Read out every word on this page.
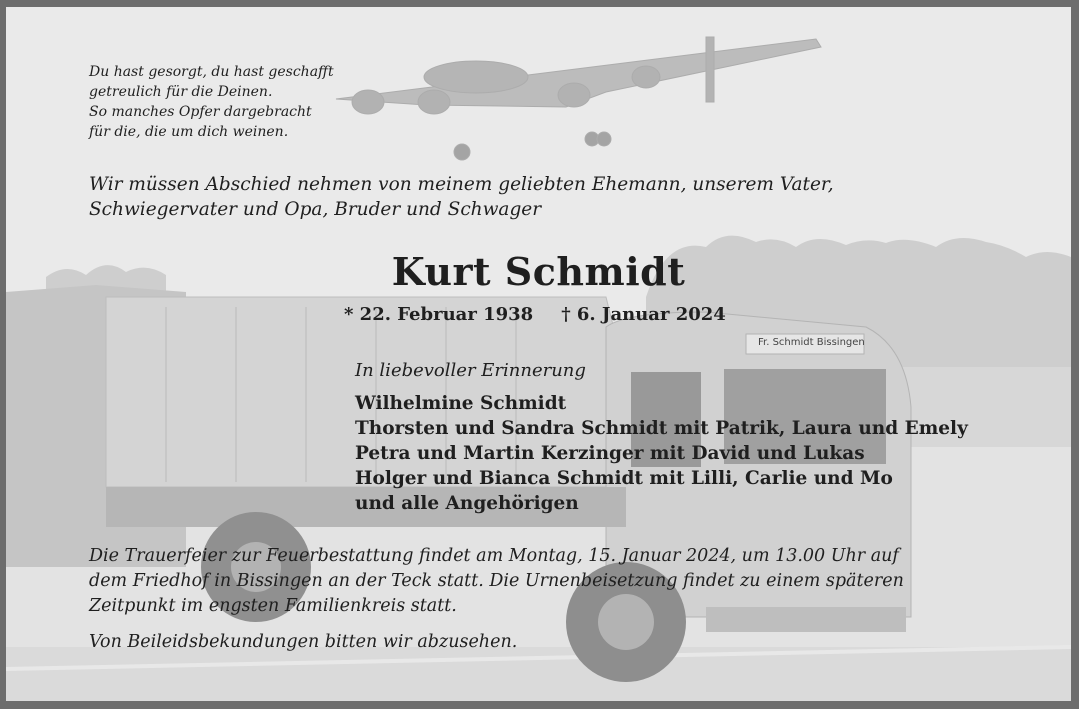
Fr. Schmidt Bissingen
Du hast gesorgt, du hast geschafft
getreulich für die Deinen.
So manches Opfer dargebracht
für die, die um dich weinen.
Wir müssen Abschied nehmen von meinem geliebten Ehemann, unserem Vater,
Schwiegervater und Opa, Bruder und Schwager
Kurt Schmidt
* 22. Februar 1938 † 6. Januar 2024
In liebevoller Erinnerung
Wilhelmine Schmidt
Thorsten und Sandra Schmidt mit Patrik, Laura und Emely
Petra und Martin Kerzinger mit David und Lukas
Holger und Bianca Schmidt mit Lilli, Carlie und Mo
und alle Angehörigen
Die Trauerfeier zur Feuerbestattung findet am Montag, 15. Januar 2024, um 13.00 Uhr auf
dem Friedhof in Bissingen an der Teck statt. Die Urnenbeisetzung findet zu einem späteren
Zeitpunkt im engsten Familienkreis statt.
Von Beileidsbekundungen bitten wir abzusehen.
